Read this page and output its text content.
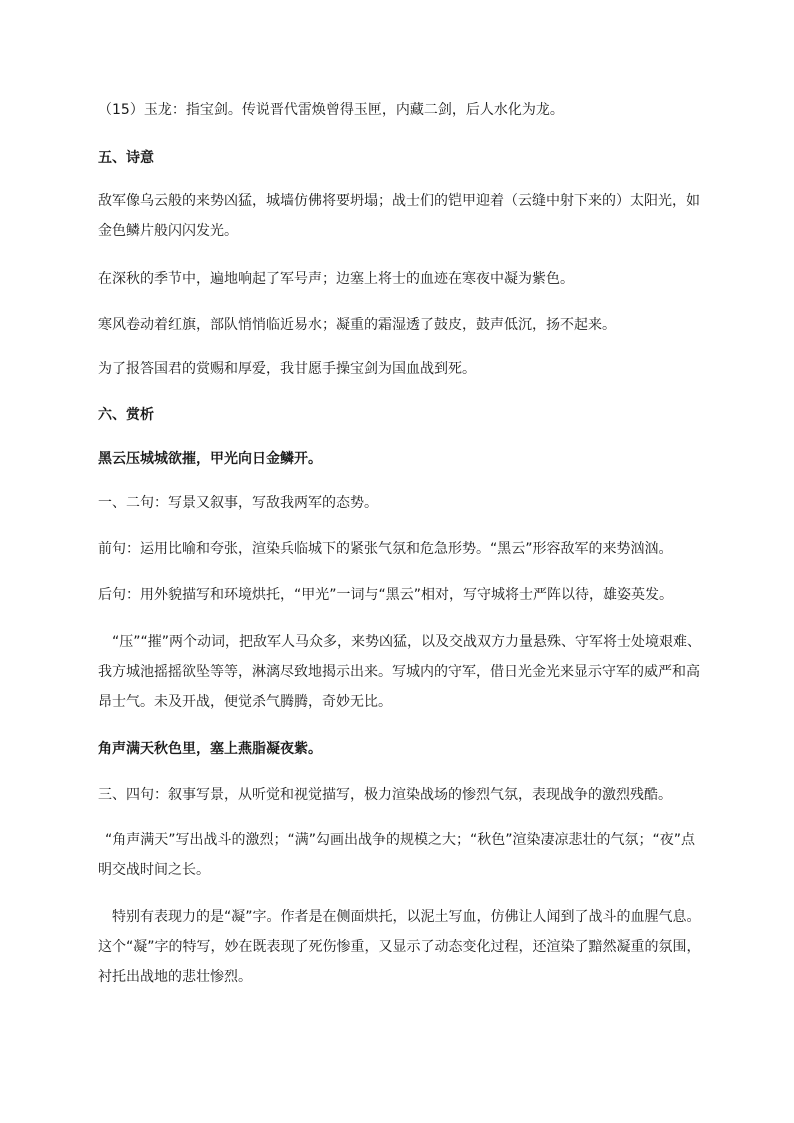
（15）玉龙：指宝剑。传说晋代雷焕曾得玉匣，内藏二剑，后人水化为龙。

五、诗意

敌军像乌云般的来势凶猛，城墙仿佛将要坍塌；战士们的铠甲迎着（云缝中射下来的）太阳光，如金色鳞片般闪闪发光。

在深秋的季节中，遍地响起了军号声；边塞上将士的血迹在寒夜中凝为紫色。

寒风卷动着红旗，部队悄悄临近易水；凝重的霜湿透了鼓皮，鼓声低沉，扬不起来。

为了报答国君的赏赐和厚爱，我甘愿手操宝剑为国血战到死。

六、赏析

黑云压城城欲摧，甲光向日金鳞开。

一、二句：写景又叙事，写敌我两军的态势。

前句：运用比喻和夸张，渲染兵临城下的紧张气氛和危急形势。“黑云”形容敌军的来势汹汹。

后句：用外貌描写和环境烘托，“甲光”一词与“黑云”相对，写守城将士严阵以待，雄姿英发。

“压”“摧”两个动词，把敌军人马众多，来势凶猛，以及交战双方力量悬殊、守军将士处境艰难、我方城池摇摇欲坠等等，淋漓尽致地揭示出来。写城内的守军，借日光金光来显示守军的威严和高昂士气。未及开战，便觉杀气腾腾，奇妙无比。

角声满天秋色里，塞上燕脂凝夜紫。

三、四句：叙事写景，从听觉和视觉描写，极力渲染战场的惨烈气氛，表现战争的激烈残酷。

“角声满天”写出战斗的激烈；“满”勾画出战争的规模之大；“秋色”渲染凄凉悲壮的气氛；“夜”点明交战时间之长。

特别有表现力的是“凝”字。作者是在侧面烘托，以泥土写血，仿佛让人闻到了战斗的血腥气息。这个“凝”字的特写，妙在既表现了死伤惨重，又显示了动态变化过程，还渲染了黯然凝重的氛围，衬托出战地的悲壮惨烈。
